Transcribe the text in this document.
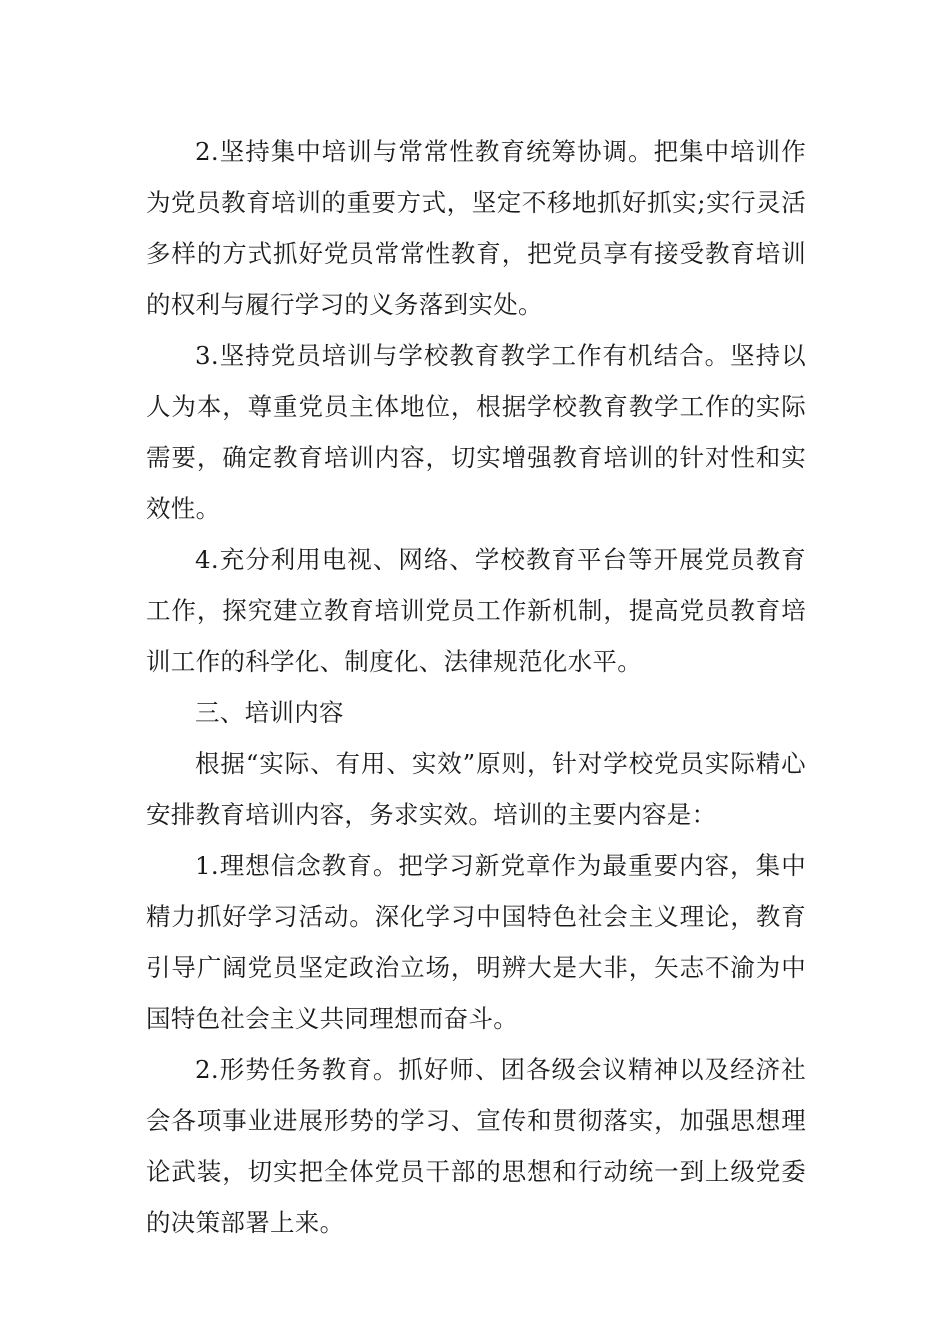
2.坚持集中培训与常常性教育统筹协调。把集中培训作为党员教育培训的重要方式，坚定不移地抓好抓实;实行灵活多样的方式抓好党员常常性教育，把党员享有接受教育培训的权利与履行学习的义务落到实处。

3.坚持党员培训与学校教育教学工作有机结合。坚持以人为本，尊重党员主体地位，根据学校教育教学工作的实际需要，确定教育培训内容，切实增强教育培训的针对性和实效性。

4.充分利用电视、网络、学校教育平台等开展党员教育工作，探究建立教育培训党员工作新机制，提高党员教育培训工作的科学化、制度化、法律规范化水平。

三、培训内容

根据“实际、有用、实效”原则，针对学校党员实际精心安排教育培训内容，务求实效。培训的主要内容是：

1.理想信念教育。把学习新党章作为最重要内容，集中精力抓好学习活动。深化学习中国特色社会主义理论，教育引导广阔党员坚定政治立场，明辨大是大非，矢志不渝为中国特色社会主义共同理想而奋斗。

2.形势任务教育。抓好师、团各级会议精神以及经济社会各项事业进展形势的学习、宣传和贯彻落实，加强思想理论武装，切实把全体党员干部的思想和行动统一到上级党委的决策部署上来。
